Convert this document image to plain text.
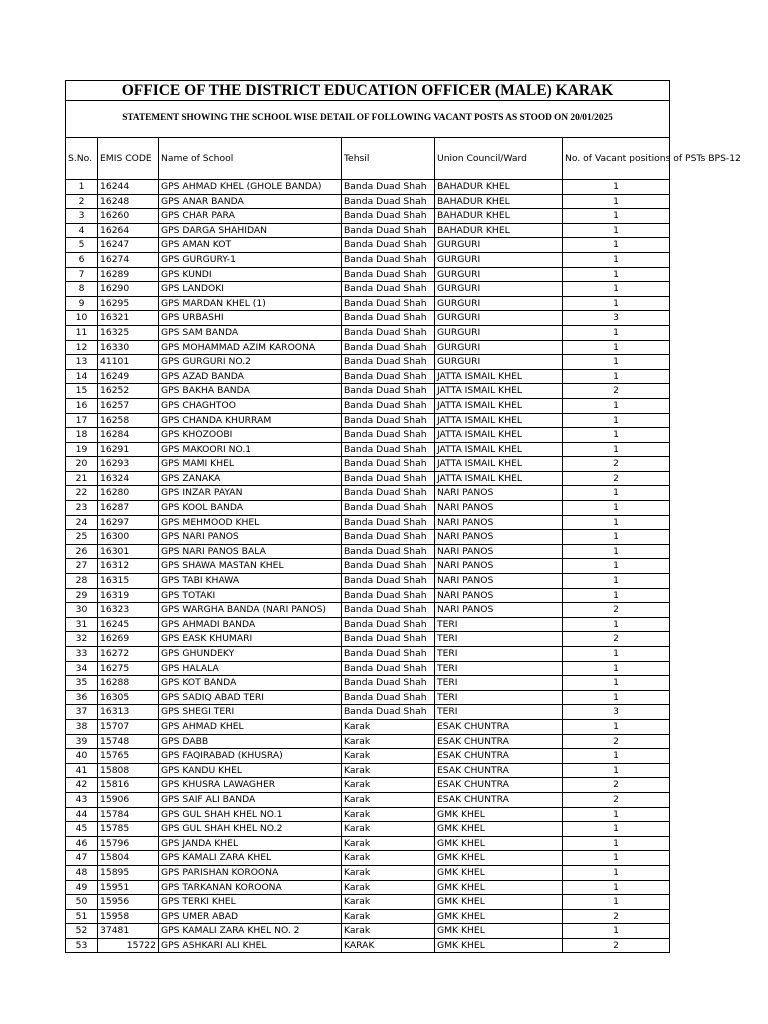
OFFICE OF THE DISTRICT EDUCATION OFFICER (MALE) KARAK					
STATEMENT SHOWING THE SCHOOL WISE DETAIL OF FOLLOWING VACANT POSTS AS STOOD ON 20/01/2025					
S.No.	EMIS CODE	Name of School	Tehsil	Union Council/Ward	No. of Vacant positions of PSTs BPS-12
1	16244	GPS AHMAD KHEL (GHOLE BANDA)	Banda Duad Shah	BAHADUR KHEL	1
2	16248	GPS ANAR BANDA	Banda Duad Shah	BAHADUR KHEL	1
3	16260	GPS CHAR PARA	Banda Duad Shah	BAHADUR KHEL	1
4	16264	GPS DARGA SHAHIDAN	Banda Duad Shah	BAHADUR KHEL	1
5	16247	GPS AMAN KOT	Banda Duad Shah	GURGURI	1
6	16274	GPS GURGURY-1	Banda Duad Shah	GURGURI	1
7	16289	GPS KUNDI	Banda Duad Shah	GURGURI	1
8	16290	GPS LANDOKI	Banda Duad Shah	GURGURI	1
9	16295	GPS MARDAN KHEL (1)	Banda Duad Shah	GURGURI	1
10	16321	GPS URBASHI	Banda Duad Shah	GURGURI	3
11	16325	GPS SAM BANDA	Banda Duad Shah	GURGURI	1
12	16330	GPS MOHAMMAD AZIM KAROONA	Banda Duad Shah	GURGURI	1
13	41101	GPS GURGURI NO.2	Banda Duad Shah	GURGURI	1
14	16249	GPS AZAD BANDA	Banda Duad Shah	JATTA ISMAIL KHEL	1
15	16252	GPS BAKHA BANDA	Banda Duad Shah	JATTA ISMAIL KHEL	2
16	16257	GPS CHAGHTOO	Banda Duad Shah	JATTA ISMAIL KHEL	1
17	16258	GPS CHANDA KHURRAM	Banda Duad Shah	JATTA ISMAIL KHEL	1
18	16284	GPS KHOZOOBI	Banda Duad Shah	JATTA ISMAIL KHEL	1
19	16291	GPS MAKOORI NO.1	Banda Duad Shah	JATTA ISMAIL KHEL	1
20	16293	GPS MAMI KHEL	Banda Duad Shah	JATTA ISMAIL KHEL	2
21	16324	GPS ZANAKA	Banda Duad Shah	JATTA ISMAIL KHEL	2
22	16280	GPS INZAR PAYAN	Banda Duad Shah	NARI PANOS	1
23	16287	GPS KOOL BANDA	Banda Duad Shah	NARI PANOS	1
24	16297	GPS MEHMOOD KHEL	Banda Duad Shah	NARI PANOS	1
25	16300	GPS NARI PANOS	Banda Duad Shah	NARI PANOS	1
26	16301	GPS NARI PANOS BALA	Banda Duad Shah	NARI PANOS	1
27	16312	GPS SHAWA MASTAN KHEL	Banda Duad Shah	NARI PANOS	1
28	16315	GPS TABI KHAWA	Banda Duad Shah	NARI PANOS	1
29	16319	GPS TOTAKI	Banda Duad Shah	NARI PANOS	1
30	16323	GPS WARGHA BANDA (NARI PANOS)	Banda Duad Shah	NARI PANOS	2
31	16245	GPS AHMADI BANDA	Banda Duad Shah	TERI	1
32	16269	GPS EASK KHUMARI	Banda Duad Shah	TERI	2
33	16272	GPS GHUNDEKY	Banda Duad Shah	TERI	1
34	16275	GPS HALALA	Banda Duad Shah	TERI	1
35	16288	GPS KOT BANDA	Banda Duad Shah	TERI	1
36	16305	GPS SADIQ ABAD TERI	Banda Duad Shah	TERI	1
37	16313	GPS SHEGI TERI	Banda Duad Shah	TERI	3
38	15707	GPS AHMAD KHEL	Karak	ESAK CHUNTRA	1
39	15748	GPS DABB	Karak	ESAK CHUNTRA	2
40	15765	GPS FAQIRABAD (KHUSRA)	Karak	ESAK CHUNTRA	1
41	15808	GPS KANDU KHEL	Karak	ESAK CHUNTRA	1
42	15816	GPS KHUSRA LAWAGHER	Karak	ESAK CHUNTRA	2
43	15906	GPS SAIF ALI BANDA	Karak	ESAK CHUNTRA	2
44	15784	GPS GUL SHAH KHEL NO.1	Karak	GMK KHEL	1
45	15785	GPS GUL SHAH KHEL NO.2	Karak	GMK KHEL	1
46	15796	GPS JANDA KHEL	Karak	GMK KHEL	1
47	15804	GPS KAMALI ZARA KHEL	Karak	GMK KHEL	1
48	15895	GPS PARISHAN KOROONA	Karak	GMK KHEL	1
49	15951	GPS TARKANAN KOROONA	Karak	GMK KHEL	1
50	15956	GPS TERKI KHEL	Karak	GMK KHEL	1
51	15958	GPS UMER ABAD	Karak	GMK KHEL	2
52	37481	GPS KAMALI ZARA KHEL NO. 2	Karak	GMK KHEL	1
53	15722	GPS ASHKARI ALI KHEL	KARAK	GMK KHEL	2
